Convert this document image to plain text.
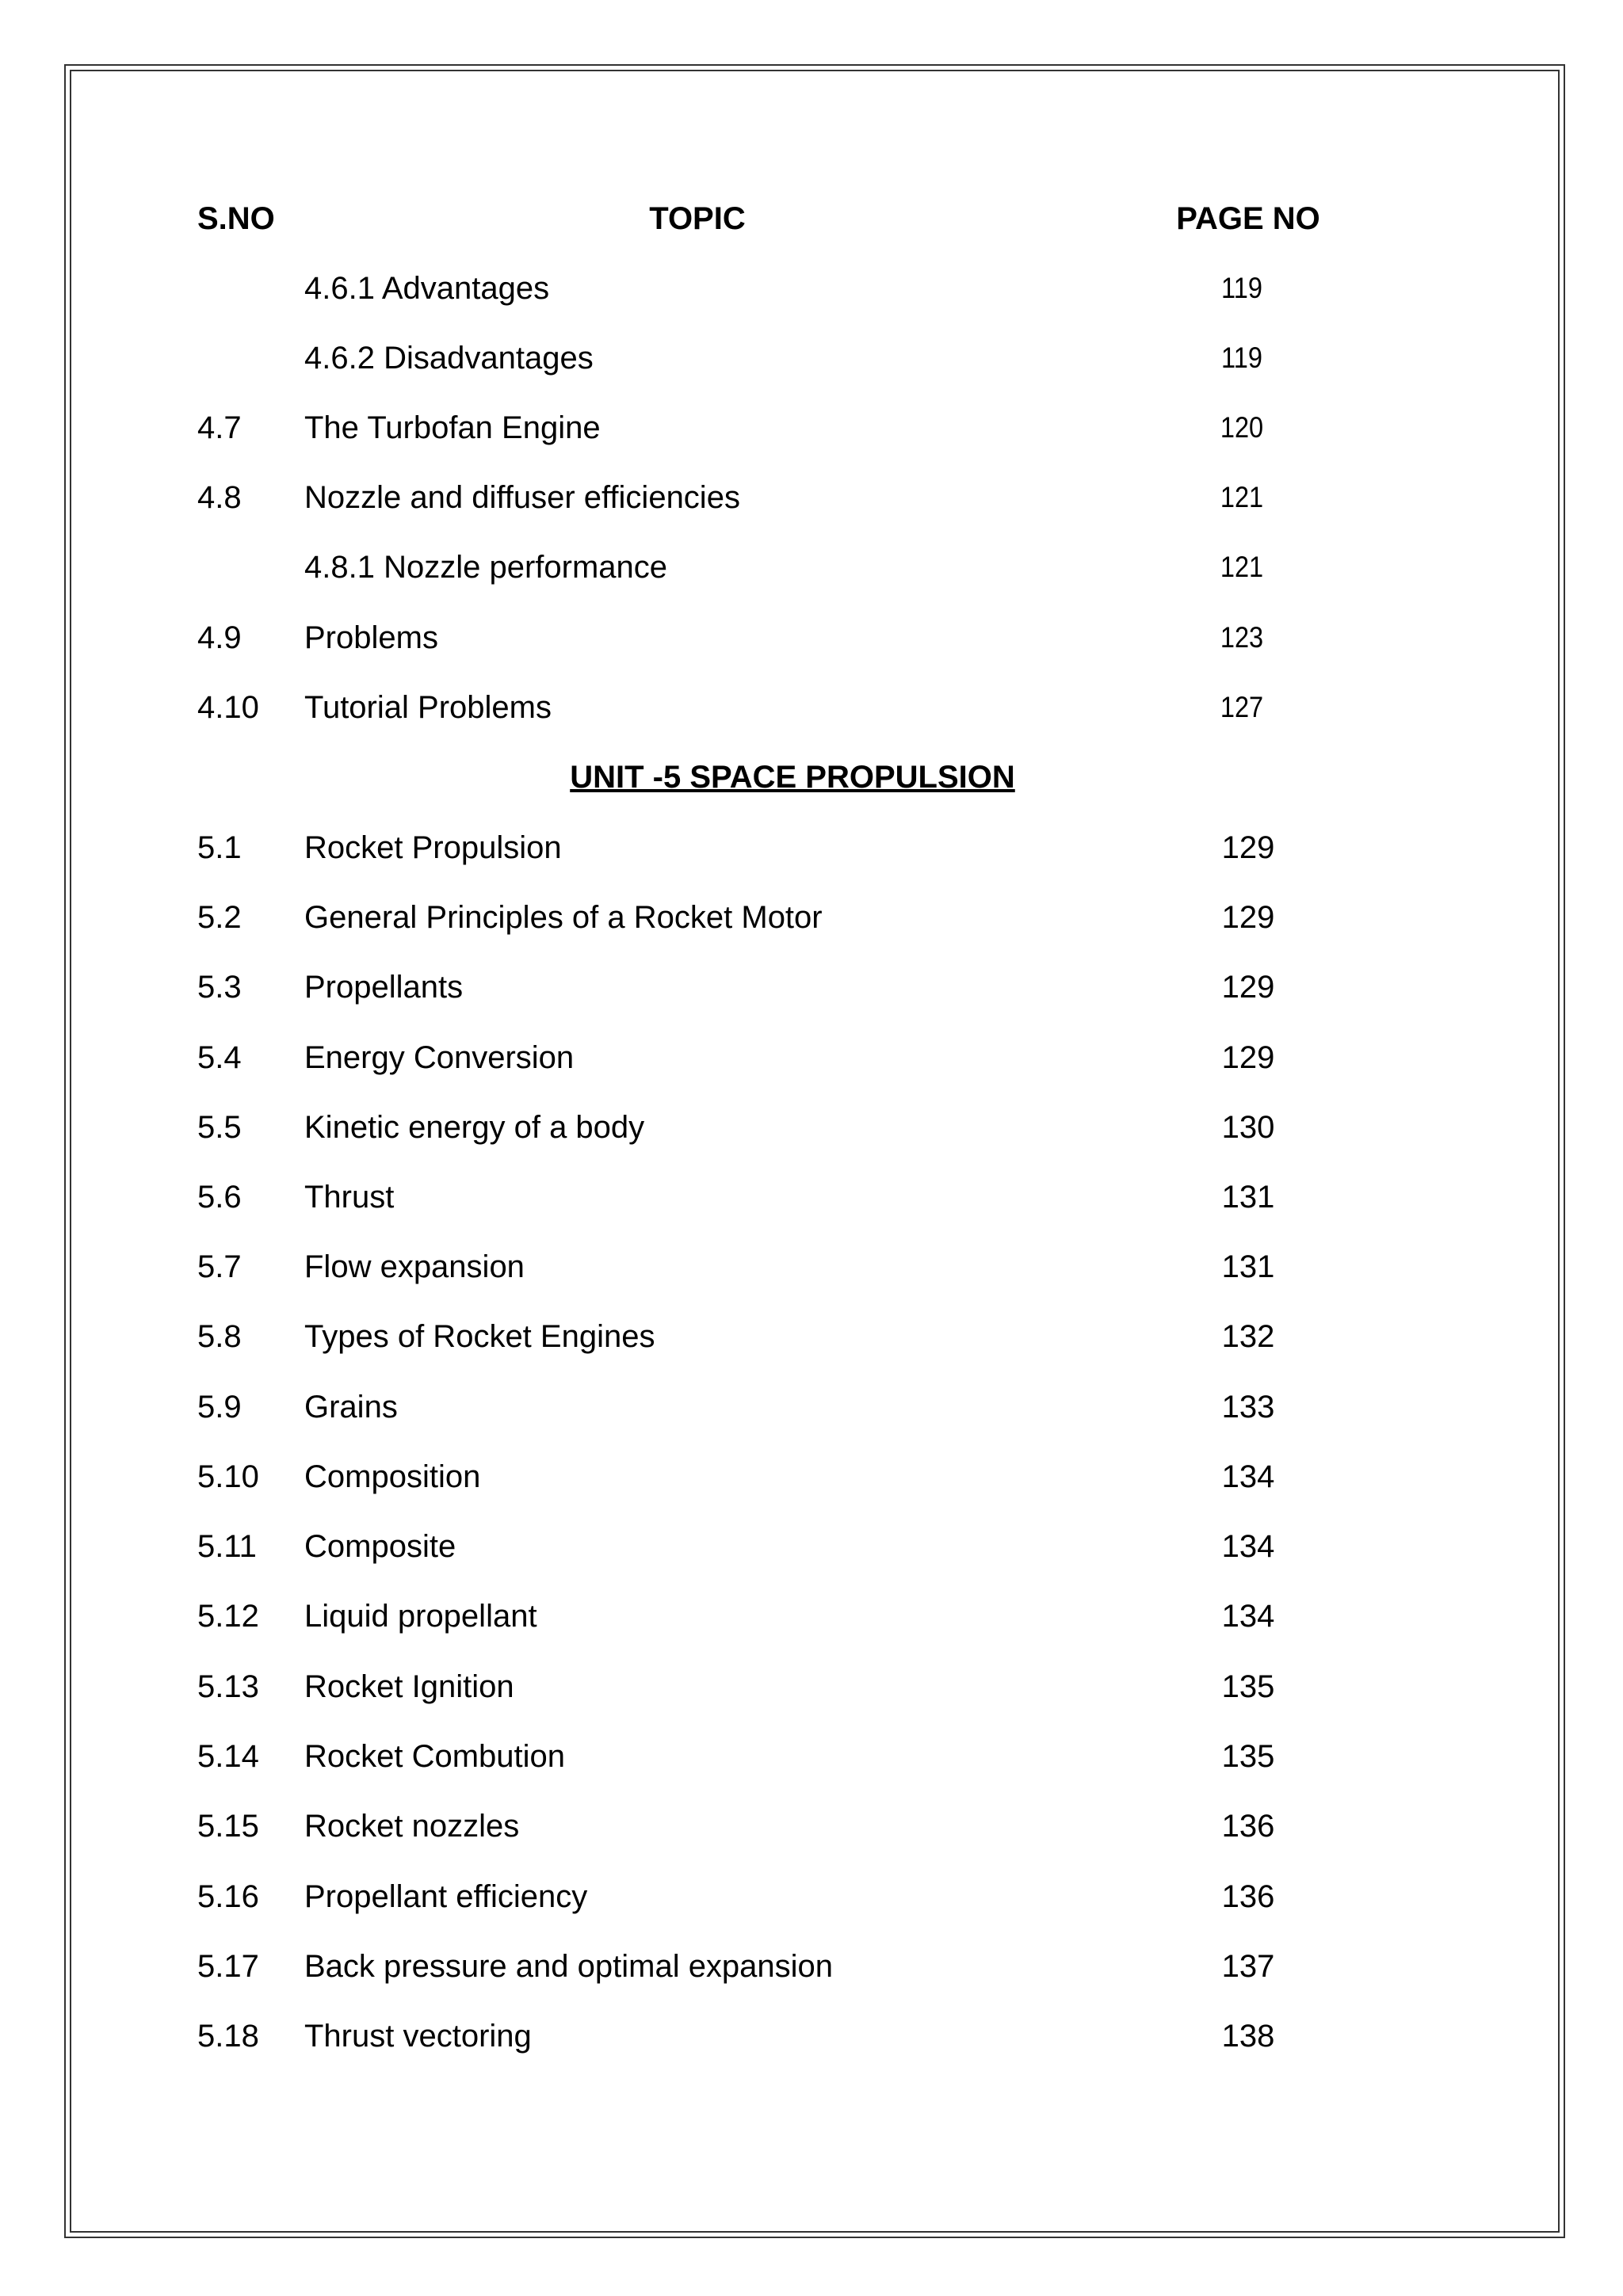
S.NO	TOPIC	PAGE NO
4.6.1 Advantages	119
4.6.2 Disadvantages	119
4.7 The Turbofan Engine	120
4.8 Nozzle and diffuser efficiencies	121
4.8.1 Nozzle performance	121
4.9 Problems	123
4.10 Tutorial Problems	127
UNIT -5 SPACE PROPULSION
5.1 Rocket Propulsion	129
5.2 General Principles of a Rocket Motor	129
5.3 Propellants	129
5.4 Energy Conversion	129
5.5 Kinetic energy of a body	130
5.6 Thrust	131
5.7 Flow expansion	131
5.8 Types of Rocket Engines	132
5.9 Grains	133
5.10 Composition	134
5.11 Composite	134
5.12 Liquid propellant	134
5.13 Rocket Ignition	135
5.14 Rocket Combution	135
5.15 Rocket nozzles	136
5.16 Propellant efficiency	136
5.17 Back pressure and optimal expansion	137
5.18 Thrust vectoring	138
